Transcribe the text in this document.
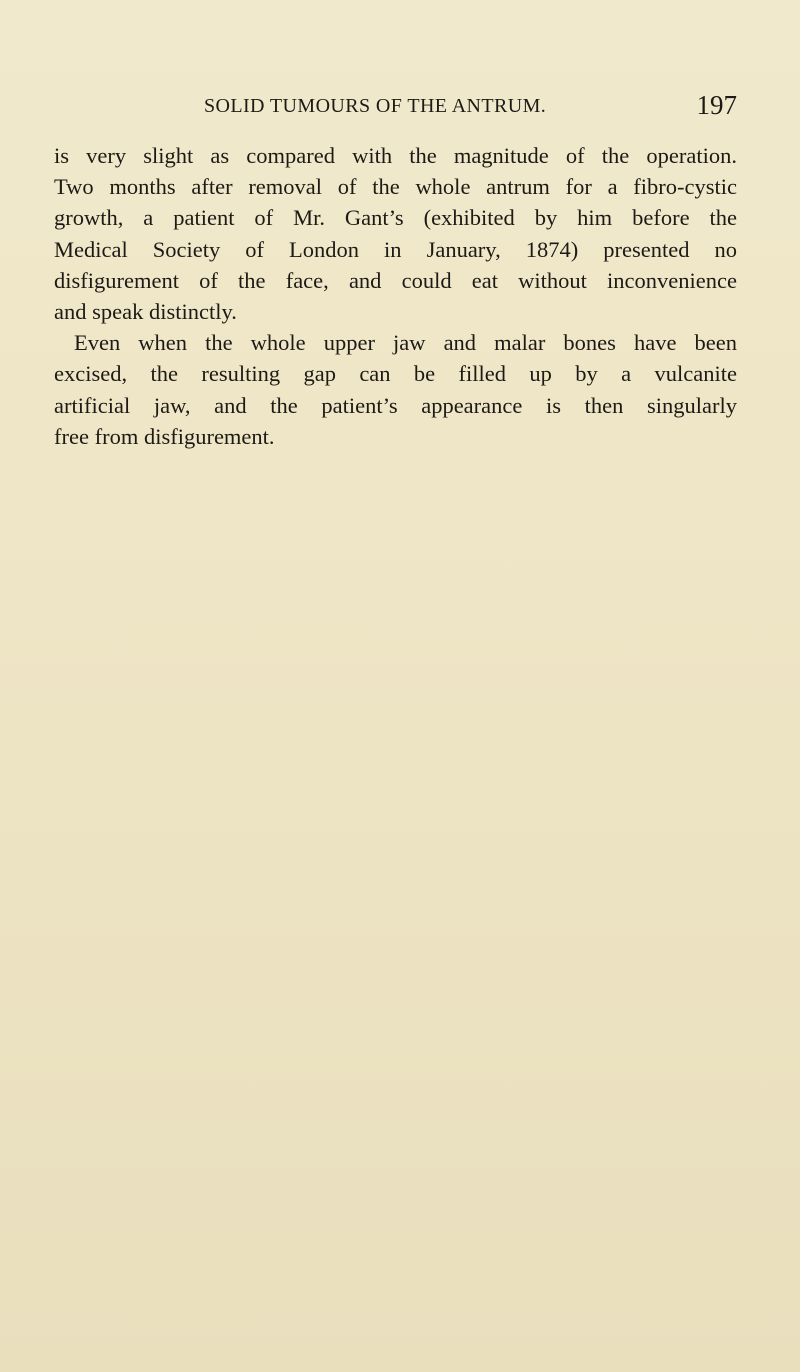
SOLID TUMOURS OF THE ANTRUM.	197

is very slight as compared with the magnitude of the operation.
Two months after removal of the whole antrum for a fibro-cystic
growth, a patient of Mr. Gant’s (exhibited by him before the
Medical Society of London in January, 1874) presented no
disfigurement of the face, and could eat without inconvenience
and speak distinctly.

Even when the whole upper jaw and malar bones have been
excised, the resulting gap can be filled up by a vulcanite
artificial jaw, and the patient’s appearance is then singularly
free from disfigurement.
